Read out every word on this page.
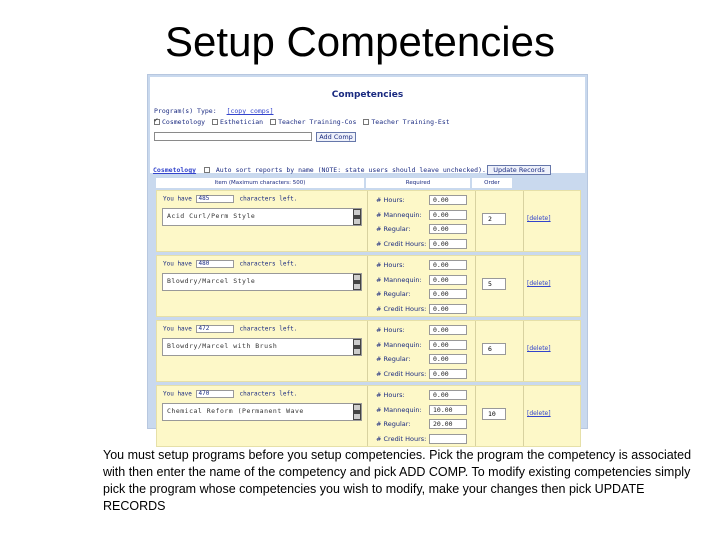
Setup Competencies
Competencies
Program(s) Type: [copy comps]
✓Cosmetology Esthetician Teacher Training-Cos Teacher Training-Est
Add Comp
Cosmetology	Auto sort reports by name (NOTE: state users should leave unchecked).	Update Records
Item (Maximum characters: 500)	Required	Order
You have 485	characters left.
Acid Curl/Perm Style
# Hours:	0.00
# Mannequin:	0.00
# Regular:	0.00
# Credit Hours:	0.00
2	[delete]
You have 480	characters left.
Blowdry/Marcel Style
# Hours:	0.00
# Mannequin:	0.00
# Regular:	0.00
# Credit Hours:	0.00
5	[delete]
You have 472	characters left.
Blowdry/Marcel with Brush
# Hours:	0.00
# Mannequin:	0.00
# Regular:	0.00
# Credit Hours:	0.00
6	[delete]
You have 470	characters left.
Chemical Reform (Permanent Wave
# Hours:	0.00
# Mannequin:	10.00
# Regular:	20.00
# Credit Hours:
10	[delete]
You must setup programs before you setup competencies. Pick the program the competency is associated with then enter the name of the competency and pick ADD COMP. To modify existing competencies simply pick the program whose competencies you wish to modify, make your changes then pick UPDATE RECORDS
